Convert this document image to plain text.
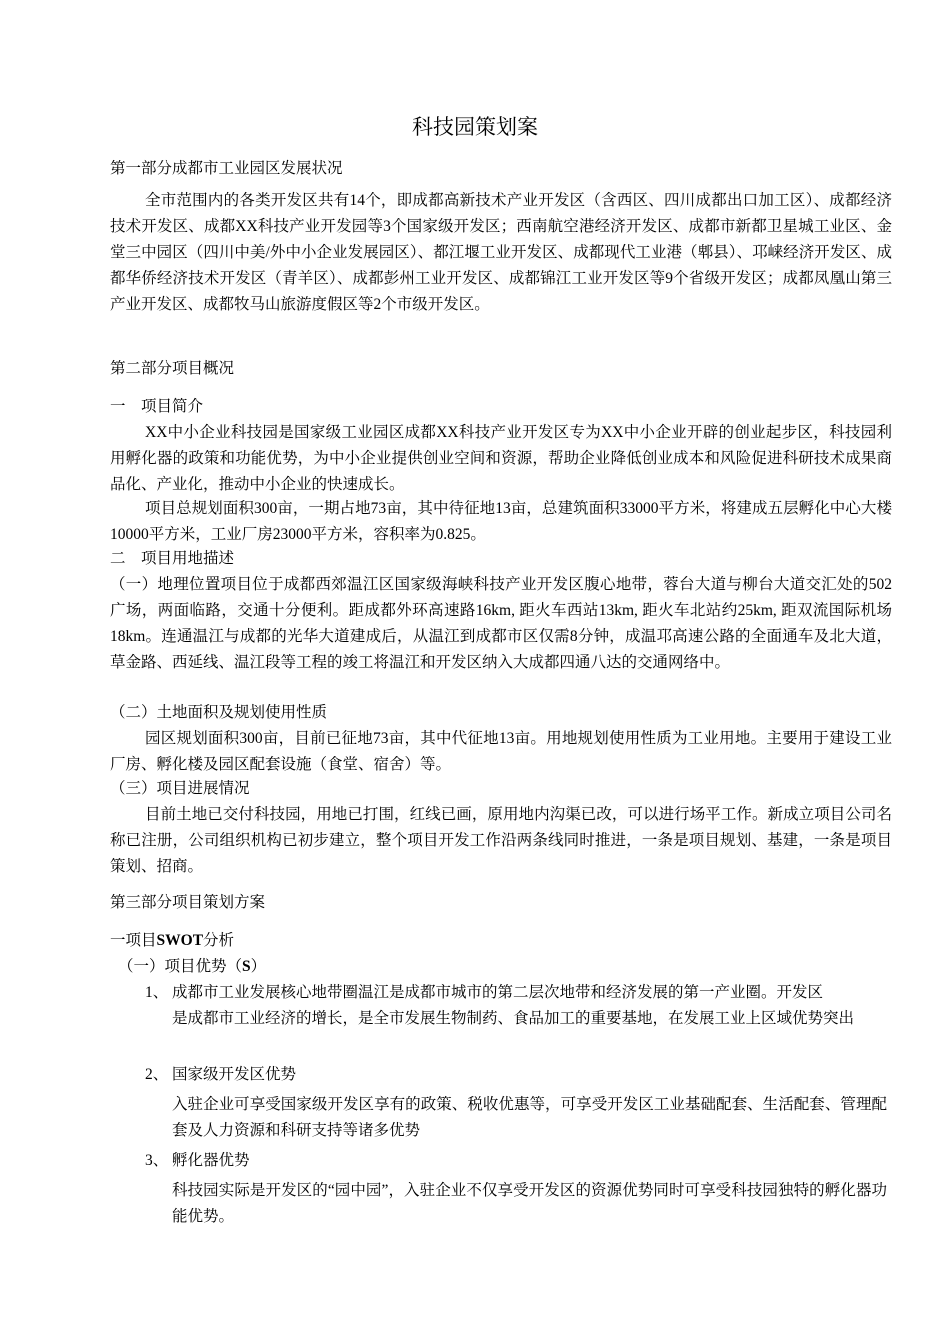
科技园策划案

第一部分成都市工业园区发展状况

全市范围内的各类开发区共有14个，即成都高新技术产业开发区（含西区、四川成都出口加工区）、成都经济技术开发区、成都XX科技产业开发园等3个国家级开发区；西南航空港经济开发区、成都市新都卫星城工业区、金堂三中园区（四川中美/外中小企业发展园区）、都江堰工业开发区、成都现代工业港（郫县）、邛崃经济开发区、成都华侨经济技术开发区（青羊区）、成都彭州工业开发区、成都锦江工业开发区等9个省级开发区；成都凤凰山第三产业开发区、成都牧马山旅游度假区等2个市级开发区。

第二部分项目概况

一　项目简介

XX中小企业科技园是国家级工业园区成都XX科技产业开发区专为XX中小企业开辟的创业起步区，科技园利用孵化器的政策和功能优势，为中小企业提供创业空间和资源，帮助企业降低创业成本和风险促进科研技术成果商品化、产业化，推动中小企业的快速成长。

项目总规划面积300亩，一期占地73亩，其中待征地13亩，总建筑面积33000平方米，将建成五层孵化中心大楼10000平方米，工业厂房23000平方米，容积率为0.825。

二　项目用地描述

（一）地理位置项目位于成都西郊温江区国家级海峡科技产业开发区腹心地带，蓉台大道与柳台大道交汇处的502广场，两面临路，交通十分便利。距成都外环高速路16km, 距火车西站13km, 距火车北站约25km, 距双流国际机场18km。连通温江与成都的光华大道建成后，从温江到成都市区仅需8分钟，成温邛高速公路的全面通车及北大道，草金路、西延线、温江段等工程的竣工将温江和开发区纳入大成都四通八达的交通网络中。

（二）土地面积及规划使用性质

园区规划面积300亩，目前已征地73亩，其中代征地13亩。用地规划使用性质为工业用地。主要用于建设工业厂房、孵化楼及园区配套设施（食堂、宿舍）等。

（三）项目进展情况

目前土地已交付科技园，用地已打围，红线已画，原用地内沟渠已改，可以进行场平工作。新成立项目公司名称已注册，公司组织机构已初步建立，整个项目开发工作沿两条线同时推进，一条是项目规划、基建，一条是项目策划、招商。

第三部分项目策划方案

一项目SWOT分析

（一）项目优势（S）

1、 成都市工业发展核心地带圈温江是成都市城市的第二层次地带和经济发展的第一产业圈。开发区

是成都市工业经济的增长，是全市发展生物制药、食品加工的重要基地，在发展工业上区域优势突出

2、 国家级开发区优势

入驻企业可享受国家级开发区享有的政策、税收优惠等，可享受开发区工业基础配套、生活配套、管理配套及人力资源和科研支持等诸多优势

3、 孵化器优势

科技园实际是开发区的“园中园”，入驻企业不仅享受开发区的资源优势同时可享受科技园独特的孵化器功能优势。
